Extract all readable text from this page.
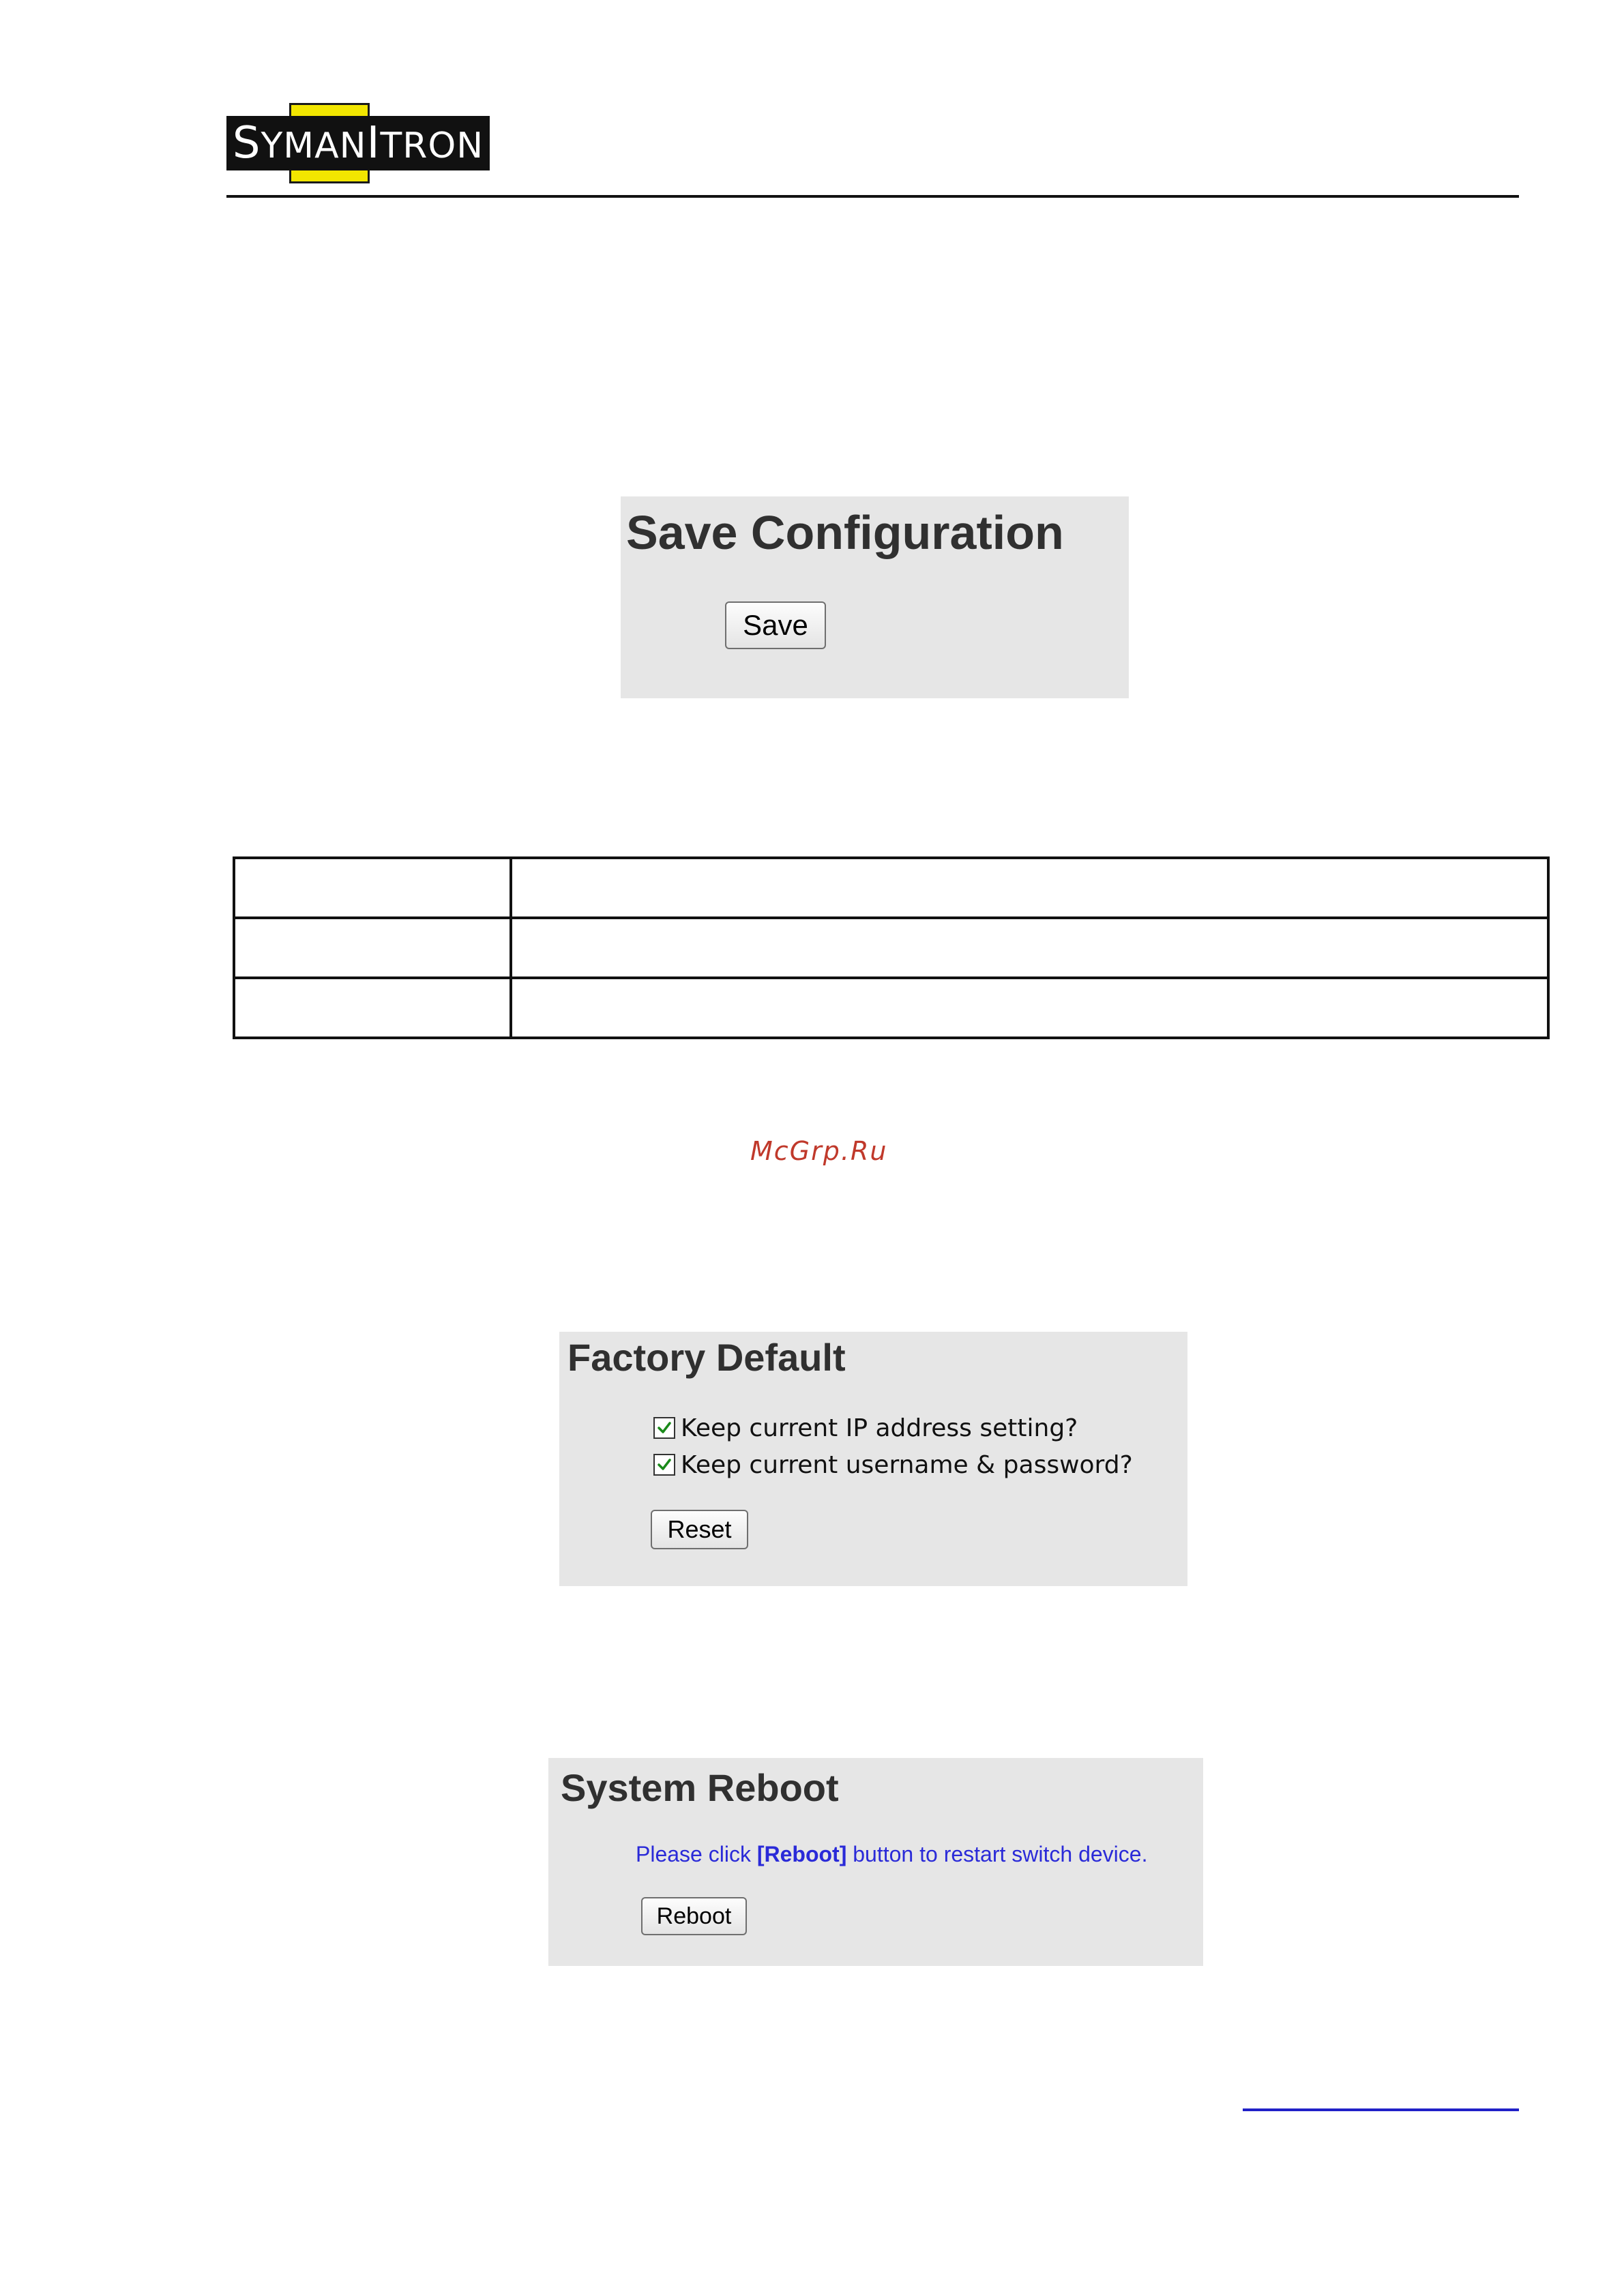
SYMANITRON
Save Configuration
Save

McGrp.Ru
Factory Default
Reset
Keep current IP address setting?
Keep current username & password?
System Reboot
Please click [Reboot] button to restart switch device.
Reboot
